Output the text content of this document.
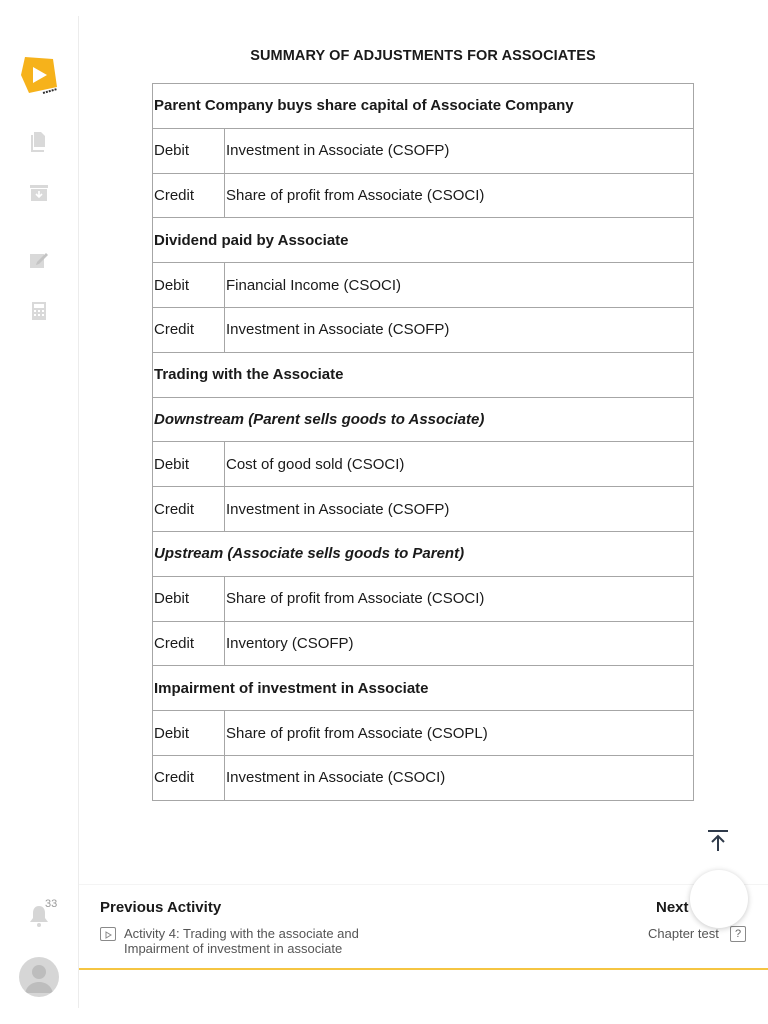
33
SUMMARY OF ADJUSTMENTS FOR ASSOCIATES
Parent Company buys share capital of Associate Company	
Debit	Investment in Associate (CSOFP)
Credit	Share of profit from Associate (CSOCI)
Dividend paid by Associate	
Debit	Financial Income (CSOCI)
Credit	Investment in Associate (CSOFP)
Trading with the Associate	
Downstream (Parent sells goods to Associate)	
Debit	Cost of good sold (CSOCI)
Credit	Investment in Associate (CSOFP)
Upstream (Associate sells goods to Parent)	
Debit	Share of profit from Associate (CSOCI)
Credit	Inventory (CSOFP)
Impairment of investment in Associate	
Debit	Share of profit from Associate (CSOPL)
Credit	Investment in Associate (CSOCI)
Previous Activity
Activity 4: Trading with the associate and Impairment of investment in associate
Next
Chapter test	?
